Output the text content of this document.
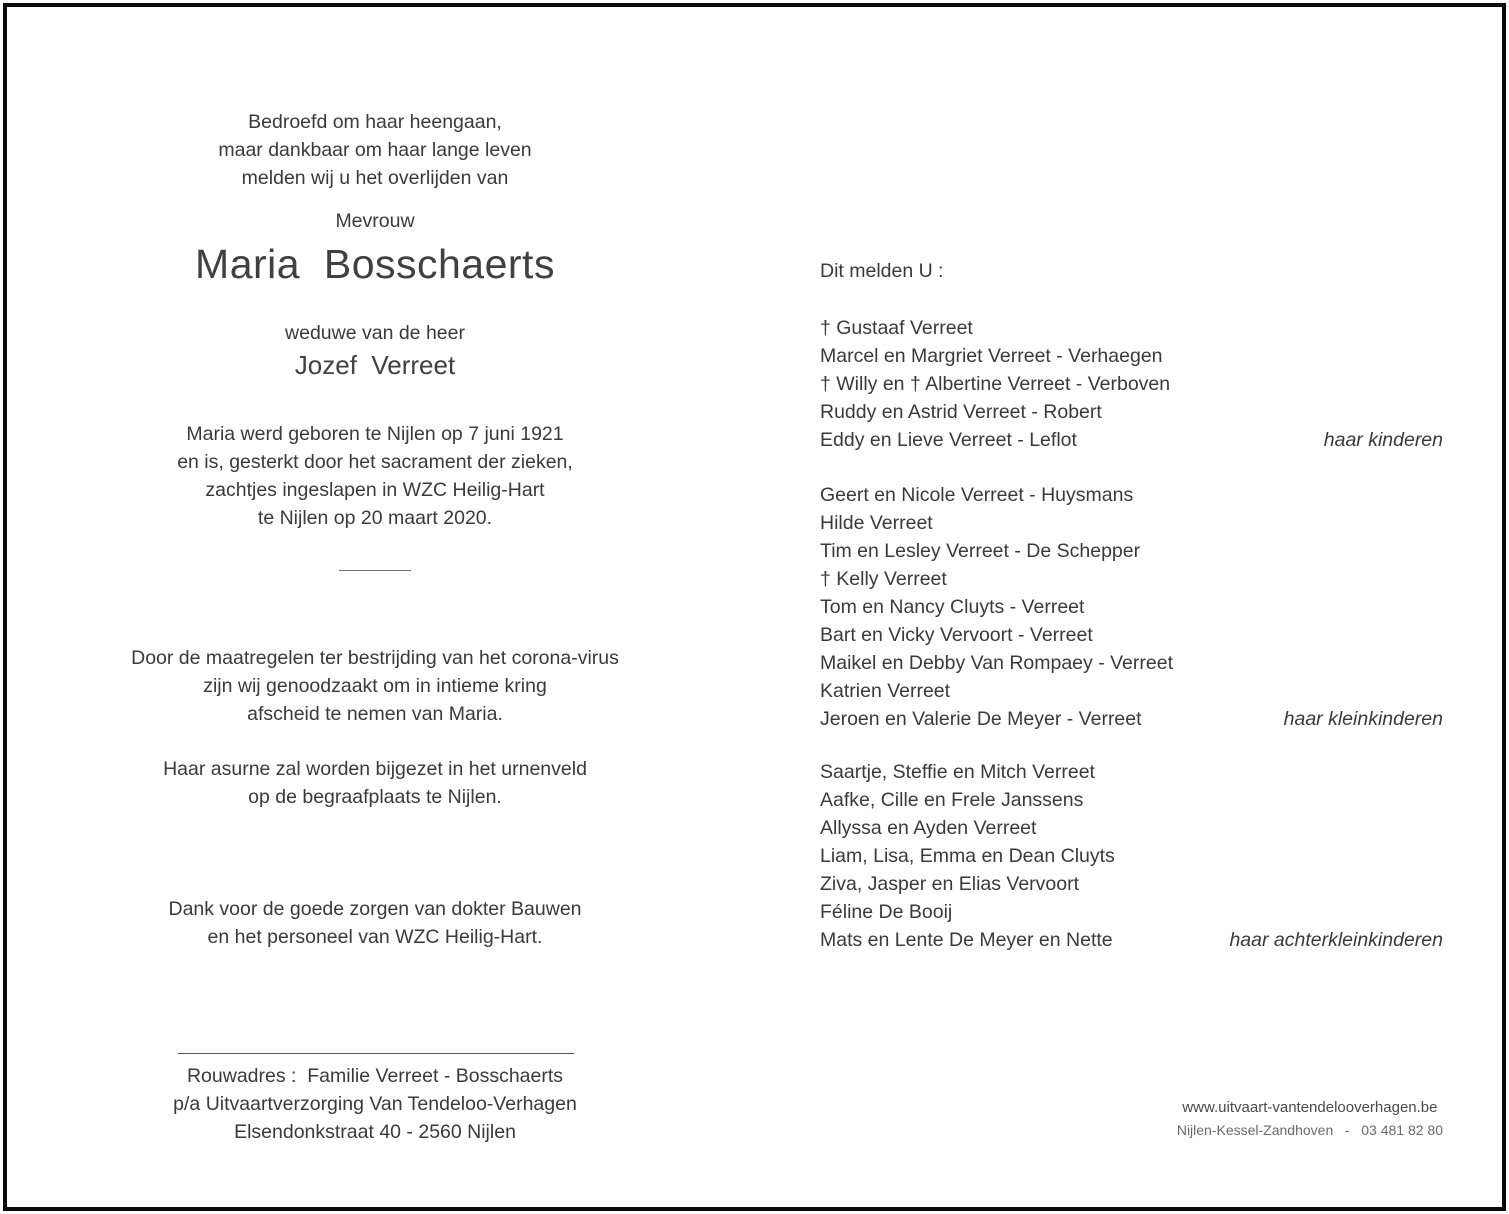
Bedroefd om haar heengaan,
maar dankbaar om haar lange leven
melden wij u het overlijden van
Mevrouw
Maria  Bosschaerts
weduwe van de heer
Jozef  Verreet
Maria werd geboren te Nijlen op 7 juni 1921
en is, gesterkt door het sacrament der zieken,
zachtjes ingeslapen in WZC Heilig-Hart
te Nijlen op 20 maart 2020.
Door de maatregelen ter bestrijding van het corona-virus
zijn wij genoodzaakt om in intieme kring
afscheid te nemen van Maria.
Haar asurne zal worden bijgezet in het urnenveld
op de begraafplaats te Nijlen.
Dank voor de goede zorgen van dokter Bauwen
en het personeel van WZC Heilig-Hart.
Rouwadres :  Familie Verreet - Bosschaerts
p/a Uitvaartverzorging Van Tendeloo-Verhagen
Elsendonkstraat 40 - 2560 Nijlen
Dit melden U :
† Gustaaf Verreet
Marcel en Margriet Verreet - Verhaegen
† Willy en † Albertine Verreet - Verboven
Ruddy en Astrid Verreet - Robert
Eddy en Lieve Verreet - Leflot	haar kinderen
Geert en Nicole Verreet - Huysmans
Hilde Verreet
Tim en Lesley Verreet - De Schepper
† Kelly Verreet
Tom en Nancy Cluyts - Verreet
Bart en Vicky Vervoort - Verreet
Maikel en Debby Van Rompaey - Verreet
Katrien Verreet
Jeroen en Valerie De Meyer - Verreet	haar kleinkinderen
Saartje, Steffie en Mitch Verreet
Aafke, Cille en Frele Janssens
Allyssa en Ayden Verreet
Liam, Lisa, Emma en Dean Cluyts
Ziva, Jasper en Elias Vervoort
Féline De Booij
Mats en Lente De Meyer en Nette	haar achterkleinkinderen
www.uitvaart-vantendelooverhagen.be
Nijlen-Kessel-Zandhoven   -   03 481 82 80
